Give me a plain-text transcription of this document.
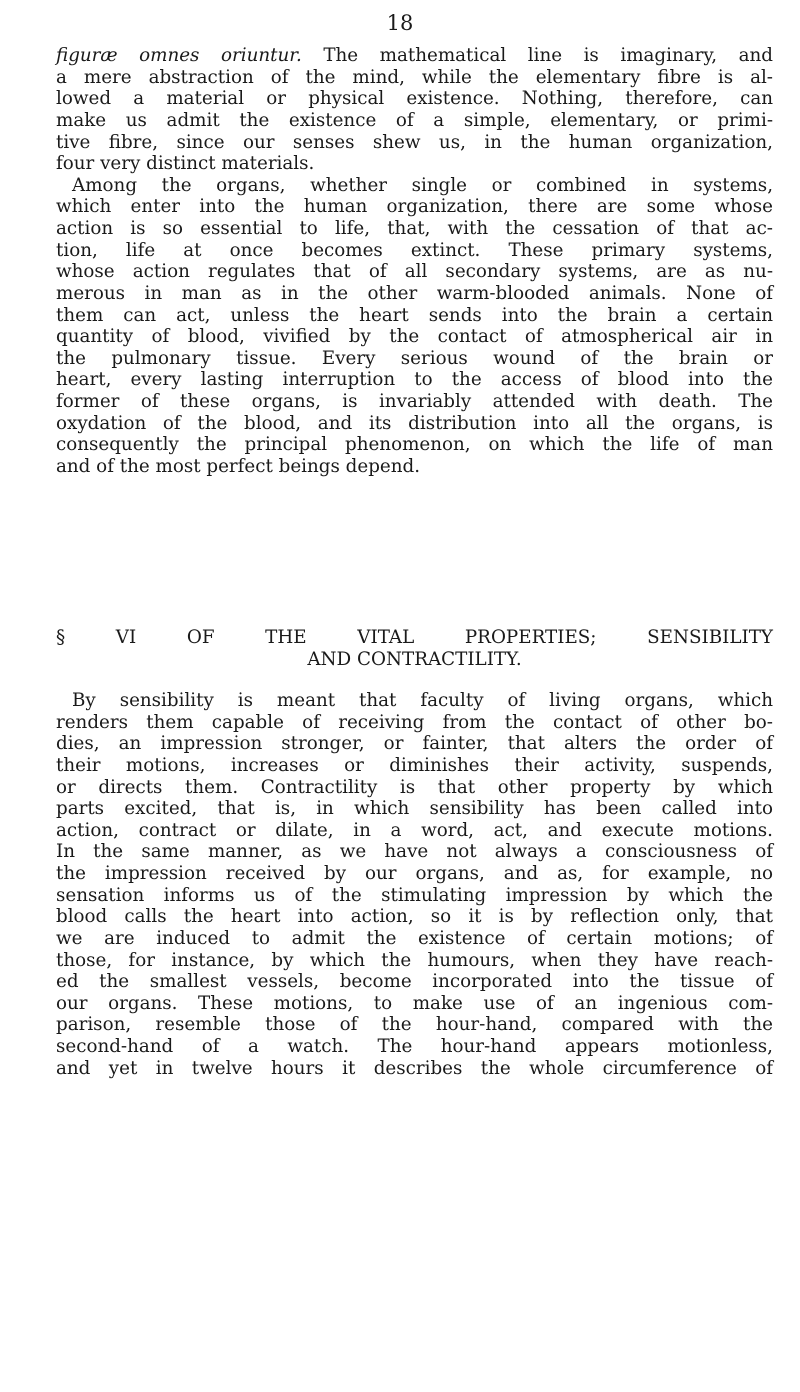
18
figuræ omnes oriuntur. The mathematical line is imaginary, and
a mere abstraction of the mind, while the elementary fibre is al-
lowed a material or physical existence. Nothing, therefore, can
make us admit the existence of a simple, elementary, or primi-
tive fibre, since our senses shew us, in the human organization,
four very distinct materials.
Among the organs, whether single or combined in systems,
which enter into the human organization, there are some whose
action is so essential to life, that, with the cessation of that ac-
tion, life at once becomes extinct. These primary systems,
whose action regulates that of all secondary systems, are as nu-
merous in man as in the other warm-blooded animals. None of
them can act, unless the heart sends into the brain a certain
quantity of blood, vivified by the contact of atmospherical air in
the pulmonary tissue. Every serious wound of the brain or
heart, every lasting interruption to the access of blood into the
former of these organs, is invariably attended with death. The
oxydation of the blood, and its distribution into all the organs, is
consequently the principal phenomenon, on which the life of man
and of the most perfect beings depend.
§ VI OF THE VITAL PROPERTIES; SENSIBILITY
AND CONTRACTILITY.
By sensibility is meant that faculty of living organs, which
renders them capable of receiving from the contact of other bo-
dies, an impression stronger, or fainter, that alters the order of
their motions, increases or diminishes their activity, suspends,
or directs them. Contractility is that other property by which
parts excited, that is, in which sensibility has been called into
action, contract or dilate, in a word, act, and execute motions.
In the same manner, as we have not always a consciousness of
the impression received by our organs, and as, for example, no
sensation informs us of the stimulating impression by which the
blood calls the heart into action, so it is by reflection only, that
we are induced to admit the existence of certain motions; of
those, for instance, by which the humours, when they have reach-
ed the smallest vessels, become incorporated into the tissue of
our organs. These motions, to make use of an ingenious com-
parison, resemble those of the hour-hand, compared with the
second-hand of a watch. The hour-hand appears motionless,
and yet in twelve hours it describes the whole circumference of
